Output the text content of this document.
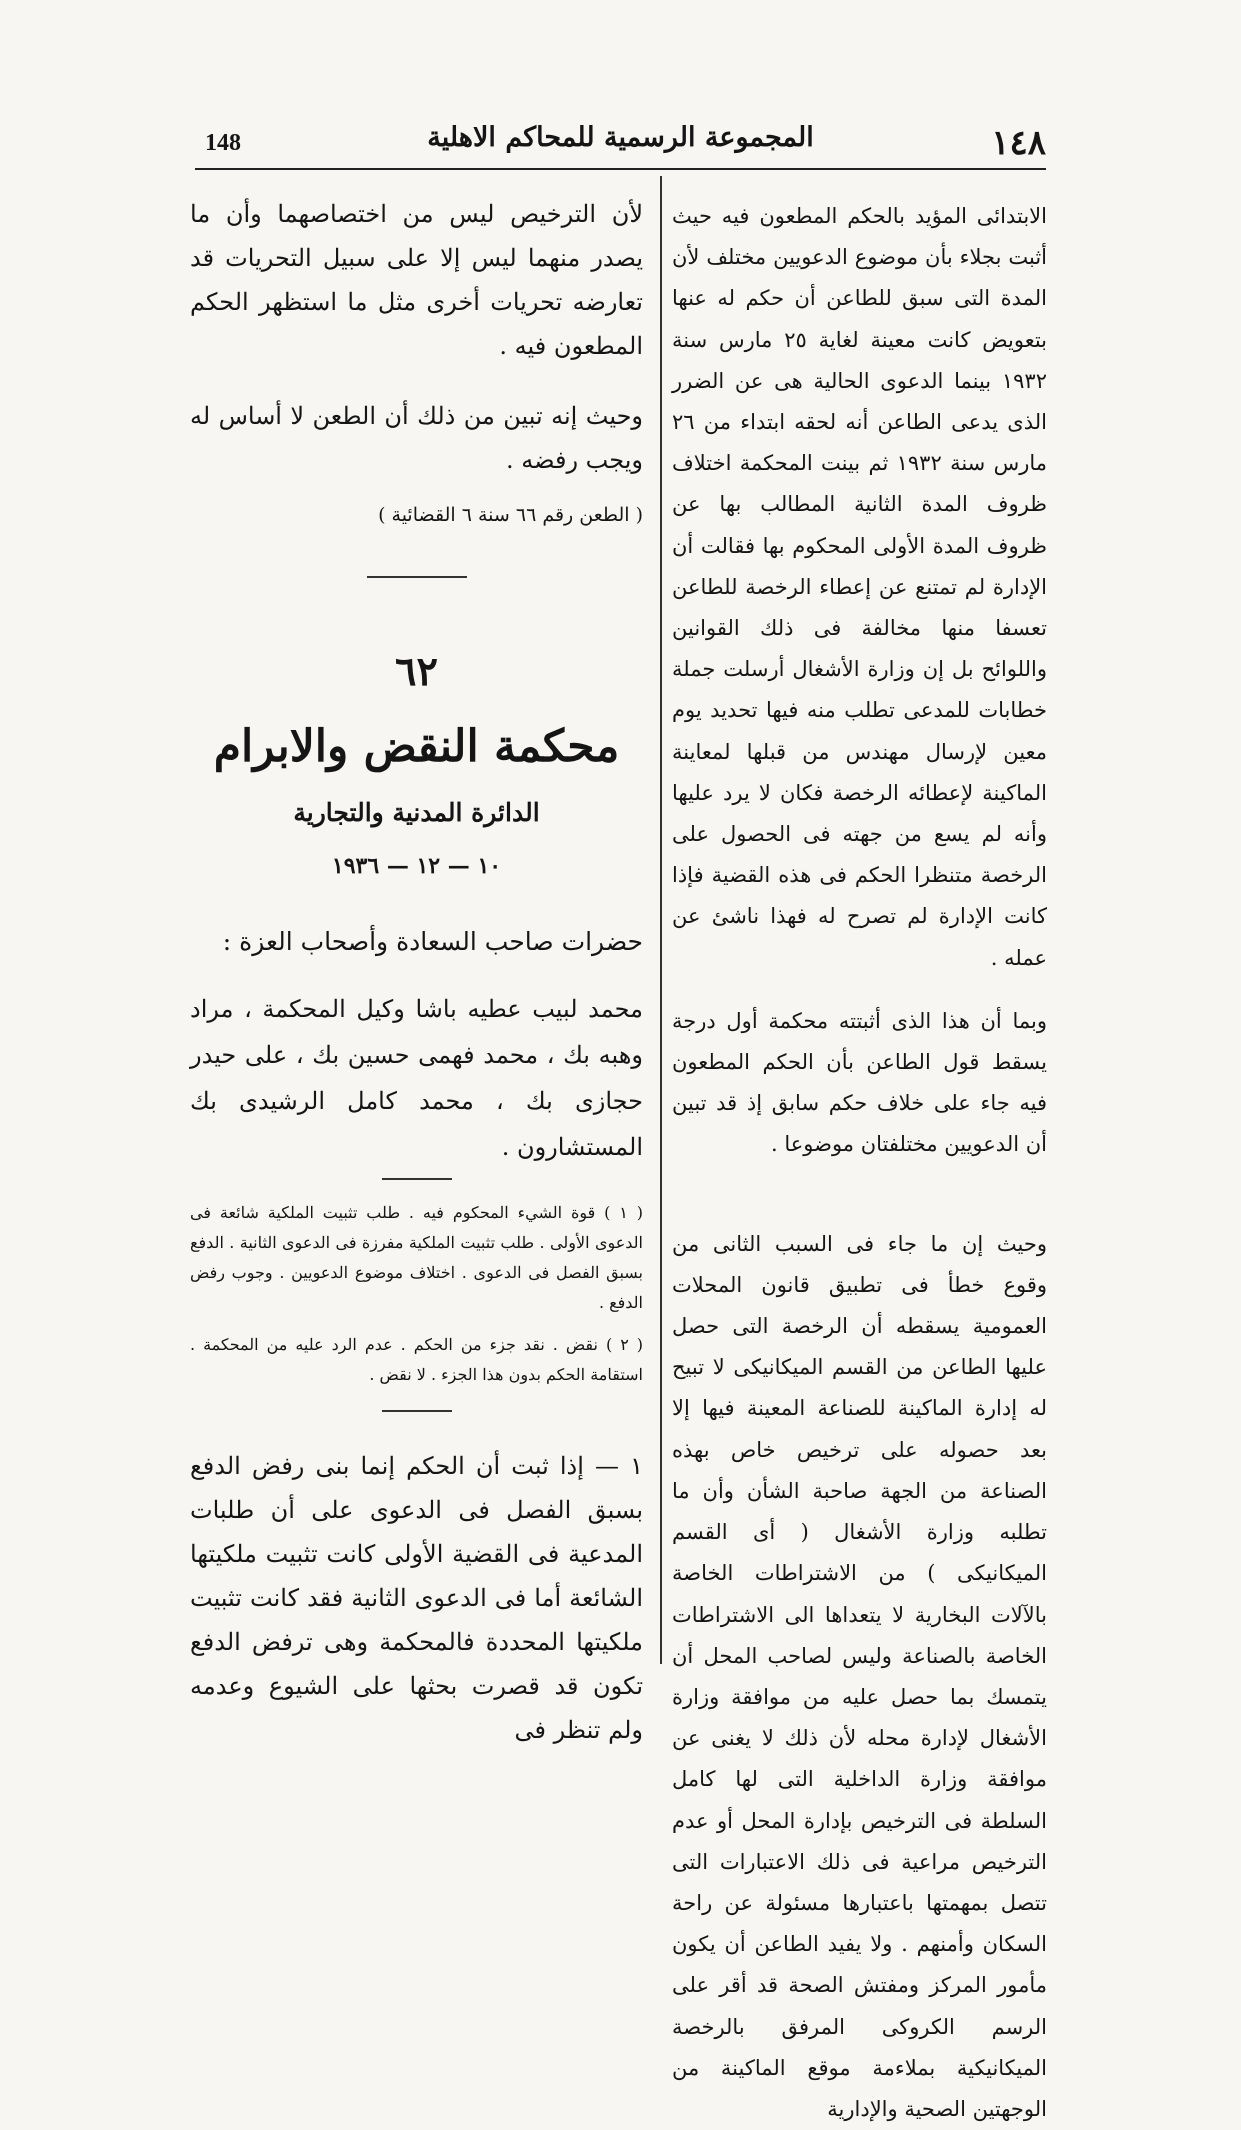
148	المجموعة الرسمية للمحاكم الاهلية	١٤٨

الابتدائى المؤيد بالحكم المطعون فيه حيث أثبت بجلاء بأن موضوع الدعويين مختلف لأن المدة التى سبق للطاعن أن حكم له عنها بتعويض كانت معينة لغاية ٢٥ مارس سنة ١٩٣٢ بينما الدعوى الحالية هى عن الضرر الذى يدعى الطاعن أنه لحقه ابتداء من ٢٦ مارس سنة ١٩٣٢ ثم بينت المحكمة اختلاف ظروف المدة الثانية المطالب بها عن ظروف المدة الأولى المحكوم بها فقالت أن الإدارة لم تمتنع عن إعطاء الرخصة للطاعن تعسفا منها مخالفة فى ذلك القوانين واللوائح بل إن وزارة الأشغال أرسلت جملة خطابات للمدعى تطلب منه فيها تحديد يوم معين لإرسال مهندس من قبلها لمعاينة الماكينة لإعطائه الرخصة فكان لا يرد عليها وأنه لم يسع من جهته فى الحصول على الرخصة متنظرا الحكم فى هذه القضية فإذا كانت الإدارة لم تصرح له فهذا ناشئ عن عمله .

وبما أن هذا الذى أثبتته محكمة أول درجة يسقط قول الطاعن بأن الحكم المطعون فيه جاء على خلاف حكم سابق إذ قد تبين أن الدعويين مختلفتان موضوعا .

وحيث إن ما جاء فى السبب الثانى من وقوع خطأ فى تطبيق قانون المحلات العمومية يسقطه أن الرخصة التى حصل عليها الطاعن من القسم الميكانيكى لا تبيح له إدارة الماكينة للصناعة المعينة فيها إلا بعد حصوله على ترخيص خاص بهذه الصناعة من الجهة صاحبة الشأن وأن ما تطلبه وزارة الأشغال ( أى القسم الميكانيكى ) من الاشتراطات الخاصة بالآلات البخارية لا يتعداها الى الاشتراطات الخاصة بالصناعة وليس لصاحب المحل أن يتمسك بما حصل عليه من موافقة وزارة الأشغال لإدارة محله لأن ذلك لا يغنى عن موافقة وزارة الداخلية التى لها كامل السلطة فى الترخيص بإدارة المحل أو عدم الترخيص مراعية فى ذلك الاعتبارات التى تتصل بمهمتها باعتبارها مسئولة عن راحة السكان وأمنهم . ولا يفيد الطاعن أن يكون مأمور المركز ومفتش الصحة قد أقر على الرسم الكروكى المرفق بالرخصة الميكانيكية بملاءمة موقع الماكينة من الوجهتين الصحية والإدارية

لأن الترخيص ليس من اختصاصهما وأن ما يصدر منهما ليس إلا على سبيل التحريات قد تعارضه تحريات أخرى مثل ما استظهر الحكم المطعون فيه .

وحيث إنه تبين من ذلك أن الطعن لا أساس له ويجب رفضه .

( الطعن رقم ٦٦ سنة ٦ القضائية )

٦٢

محكمة النقض والابرام

الدائرة المدنية والتجارية

١٠ — ١٢ — ١٩٣٦

حضرات صاحب السعادة وأصحاب العزة :

محمد لبيب عطيه باشا وكيل المحكمة ، مراد وهبه بك ، محمد فهمى حسين بك ، على حيدر حجازى بك ، محمد كامل الرشيدى بك المستشارون .

( ١ ) قوة الشيء المحكوم فيه . طلب تثبيت الملكية شائعة فى الدعوى الأولى . طلب تثبيت الملكية مفرزة فى الدعوى الثانية . الدفع بسبق الفصل فى الدعوى . اختلاف موضوع الدعويين . وجوب رفض الدفع .

( ٢ ) نقض . نقد جزء من الحكم . عدم الرد عليه من المحكمة . استقامة الحكم بدون هذا الجزء . لا نقض .

١ — إذا ثبت أن الحكم إنما بنى رفض الدفع بسبق الفصل فى الدعوى على أن طلبات المدعية فى القضية الأولى كانت تثبيت ملكيتها الشائعة أما فى الدعوى الثانية فقد كانت تثبيت ملكيتها المحددة فالمحكمة وهى ترفض الدفع تكون قد قصرت بحثها على الشيوع وعدمه ولم تنظر فى
